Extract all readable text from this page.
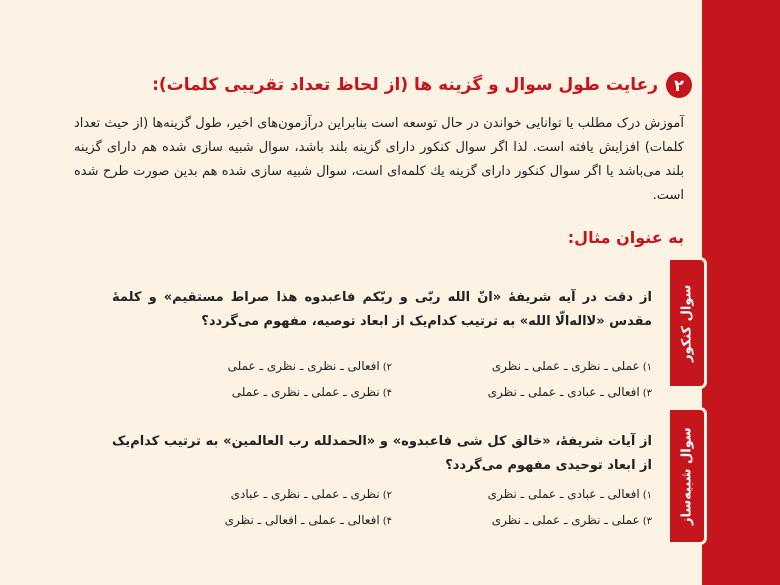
۲
رعایت طول سوال و گزینه ها (از لحاظ تعداد تقریبی کلمات):

آموزش درک مطلب یا توانایی خواندن در حال توسعه است بنابراین درآزمون‌های اخیر، طول گزینه‌ها (از حیث تعداد کلمات) افزایش یافته است. لذا اگر سوال کنکور دارای گزینه بلند باشد، سوال شبیه سازی شده هم دارای گزینه بلند می‌باشد یا اگر سوال کنکور دارای گزینه یك كلمه‌ای است، سوال شبیه سازی شده هم بدین صورت طرح شده است.

به عنوان مثال:
سوال کنکور

از دقت در آیه شریفهٔ «انّ الله ربّی و ربّکم فاعبدوه هذا صراط مستقیم» و کلمهٔ مقدس «لااله‌الّا الله» به ترتیب کدام‌یک از ابعاد توصیه، مفهوم می‌گردد؟

۱)عملی ـ نظری ـ عملی ـ نظری
۲)افعالی ـ نظری ـ نظری ـ عملی
۳)افعالی ـ عبادی ـ عملی ـ نظری
۴)نظری ـ عملی ـ نظری ـ عملی
سوال شبیه‌ساز

از آیات شریفهٔ، «خالق کل شی فاعبدوه» و «الحمدلله رب العالمین» به ترتیب کدام‌یک از ابعاد توحیدی مفهوم می‌گردد؟

۱)افعالی ـ عبادی ـ عملی ـ نظری
۲)نظری ـ عملی ـ نظری ـ عبادی
۳)عملی ـ نظری ـ عملی ـ نظری
۴)افعالی ـ عملی ـ افعالی ـ نظری
